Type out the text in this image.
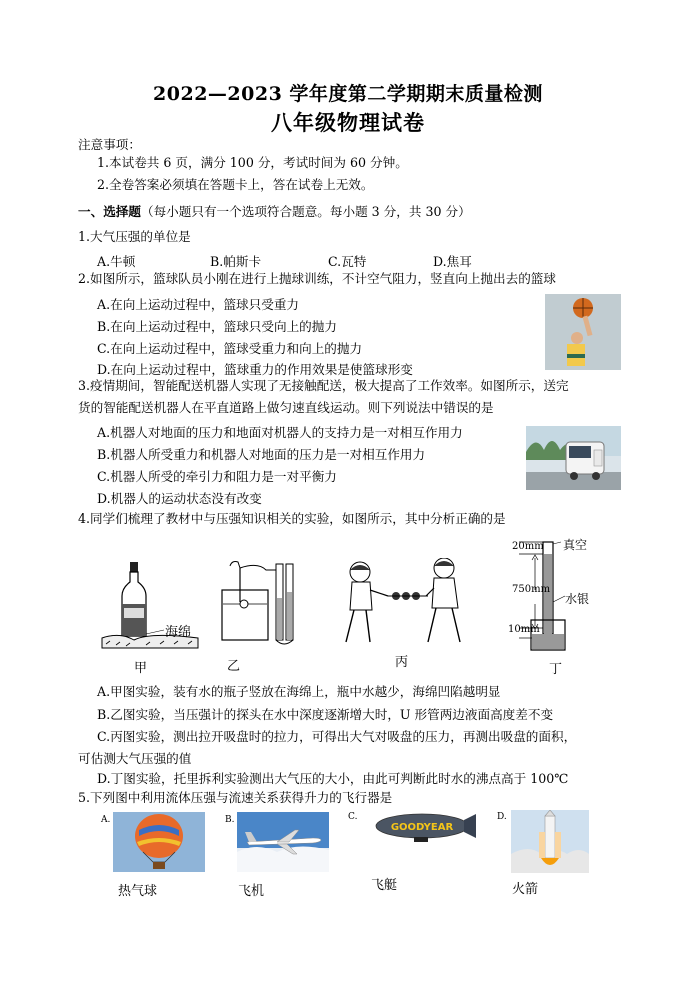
2022—2023 学年度第二学期期末质量检测
八年级物理试卷
注意事项：
1.本试卷共 6 页，满分 100 分，考试时间为 60 分钟。
2.全卷答案必须填在答题卡上，答在试卷上无效。
一、选择题（每小题只有一个选项符合题意。每小题 3 分，共 30 分）
1.大气压强的单位是
A.牛顿	B.帕斯卡	C.瓦特	D.焦耳
2.如图所示，篮球队员小刚在进行上抛球训练，不计空气阻力，竖直向上抛出去的篮球
A.在向上运动过程中，篮球只受重力
B.在向上运动过程中，篮球只受向上的抛力
C.在向上运动过程中，篮球受重力和向上的抛力
D.在向上运动过程中，篮球重力的作用效果是使篮球形变
3.疫情期间，智能配送机器人实现了无接触配送，极大提高了工作效率。如图所示，送完
货的智能配送机器人在平直道路上做匀速直线运动。则下列说法中错误的是
A.机器人对地面的压力和地面对机器人的支持力是一对相互作用力
B.机器人所受重力和机器人对地面的压力是一对相互作用力
C.机器人所受的牵引力和阻力是一对平衡力
D.机器人的运动状态没有改变
4.同学们梳理了教材中与压强知识相关的实验，如图所示，其中分析正确的是
海绵
甲	乙	丙
20mm
750mm
10mm
真空
水银
丁
A.甲图实验，装有水的瓶子竖放在海绵上，瓶中水越少，海绵凹陷越明显
B.乙图实验，当压强计的探头在水中深度逐渐增大时，U 形管两边液面高度差不变
C.丙图实验，测出拉开吸盘时的拉力，可得出大气对吸盘的压力，再测出吸盘的面积，
可估测大气压强的值
D.丁图实验，托里拆利实验测出大气压的大小，由此可判断此时水的沸点高于 100℃
5.下列图中利用流体压强与流速关系获得升力的飞行器是
A.
热气球
B.
飞机
C.
GOODYEAR
飞艇
D.
火箭
